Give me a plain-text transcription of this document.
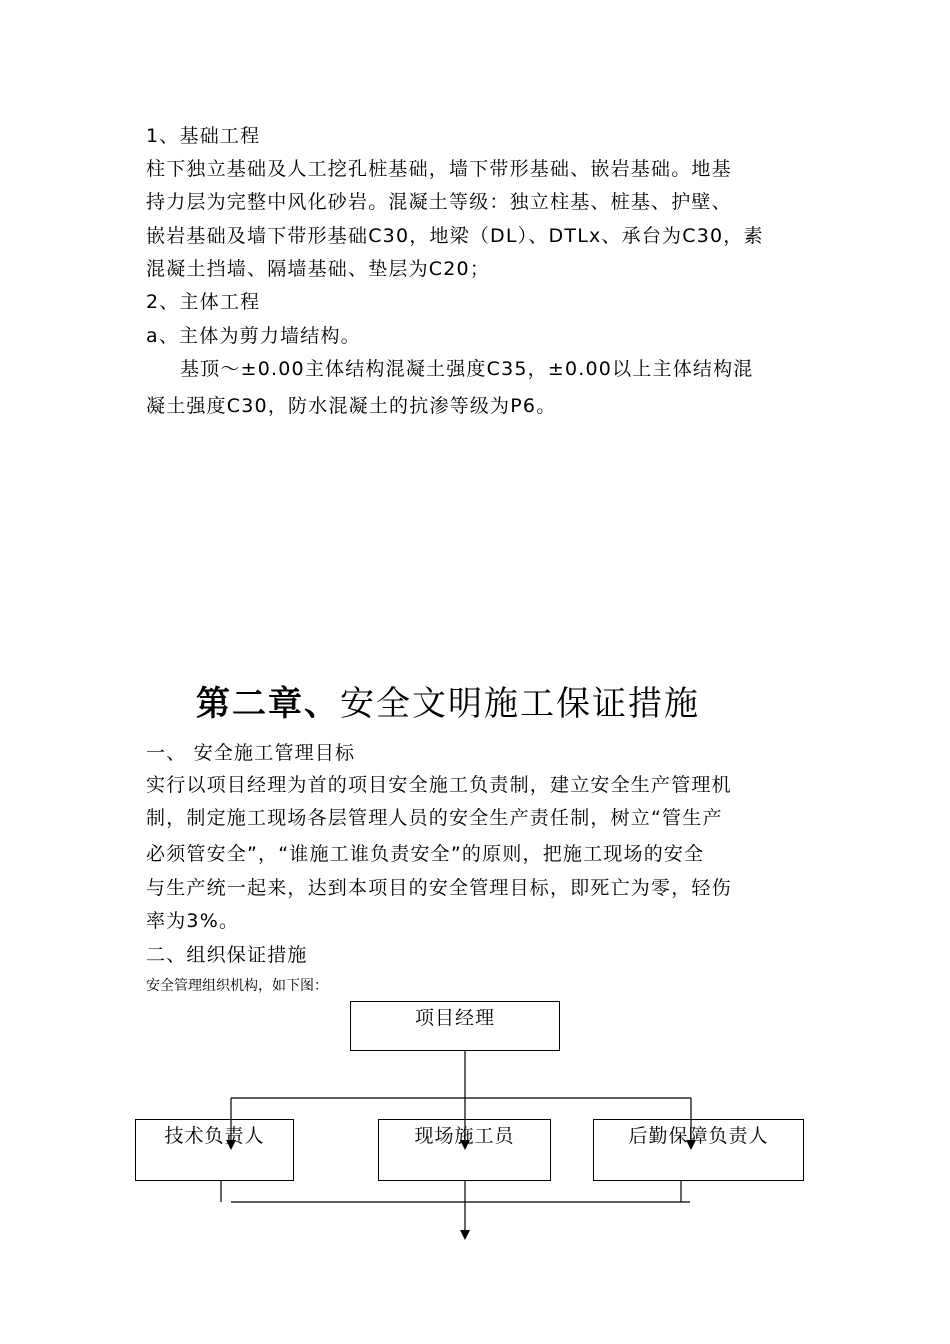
1、基础工程
柱下独立基础及人工挖孔桩基础，墙下带形基础、嵌岩基础。地基
持力层为完整中风化砂岩。混凝土等级：独立柱基、桩基、护壁、
嵌岩基础及墙下带形基础C30，地梁（DL）、DTLx、承台为C30，素
混凝土挡墙、隔墙基础、垫层为C20；
2、主体工程
a、主体为剪力墙结构。
基顶～±0.00主体结构混凝土强度C35，±0.00以上主体结构混
凝土强度C30，防水混凝土的抗渗等级为P6。
第二章、安全文明施工保证措施
一、 安全施工管理目标
实行以项目经理为首的项目安全施工负责制，建立安全生产管理机
制，制定施工现场各层管理人员的安全生产责任制，树立“管生产
必须管安全”，“谁施工谁负责安全”的原则，把施工现场的安全
与生产统一起来，达到本项目的安全管理目标，即死亡为零，轻伤
率为3%。
二、组织保证措施
安全管理组织机构，如下图：
项目经理
技术负责人	现场施工员	后勤保障负责人
